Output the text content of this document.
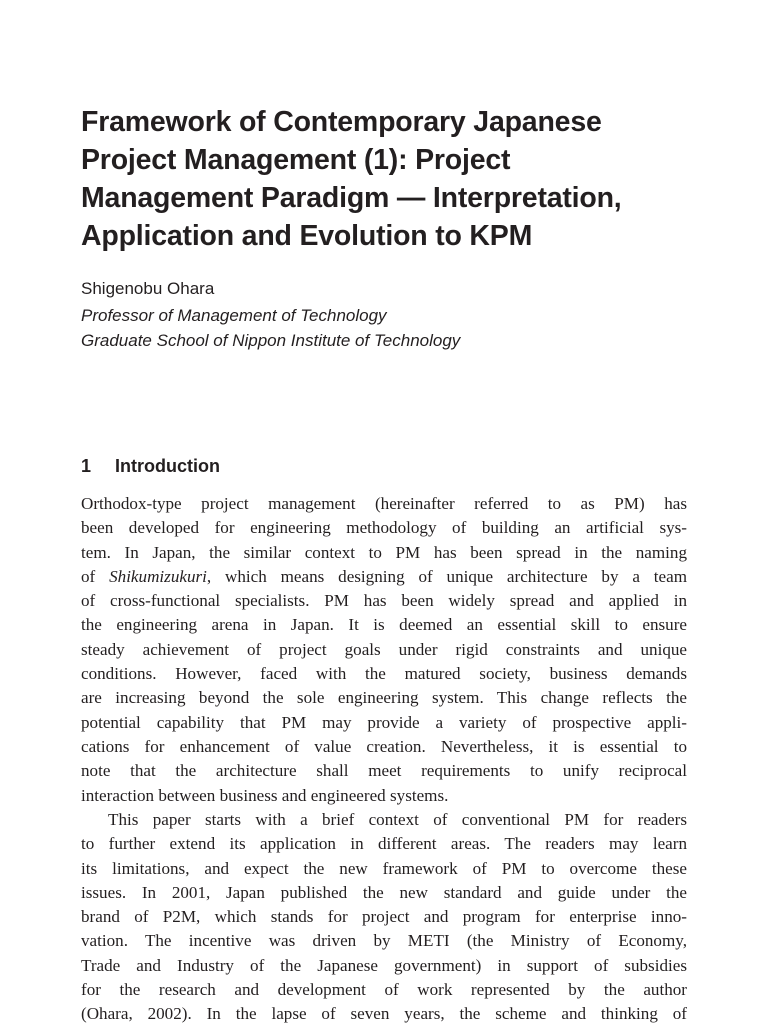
Framework of Contemporary Japanese
Project Management (1): Project
Management Paradigm — Interpretation,
Application and Evolution to KPM

Shigenobu Ohara

Professor of Management of Technology

Graduate School of Nippon Institute of Technology

1 Introduction
Orthodox-type project management (hereinafter referred to as PM) has
been developed for engineering methodology of building an artificial sys-
tem. In Japan, the similar context to PM has been spread in the naming
of Shikumizukuri, which means designing of unique architecture by a team
of cross-functional specialists. PM has been widely spread and applied in
the engineering arena in Japan. It is deemed an essential skill to ensure
steady achievement of project goals under rigid constraints and unique
conditions. However, faced with the matured society, business demands
are increasing beyond the sole engineering system. This change reflects the
potential capability that PM may provide a variety of prospective appli-
cations for enhancement of value creation. Nevertheless, it is essential to
note that the architecture shall meet requirements to unify reciprocal
interaction between business and engineered systems.
This paper starts with a brief context of conventional PM for readers
to further extend its application in different areas. The readers may learn
its limitations, and expect the new framework of PM to overcome these
issues. In 2001, Japan published the new standard and guide under the
brand of P2M, which stands for project and program for enterprise inno-
vation. The incentive was driven by METI (the Ministry of Economy,
Trade and Industry of the Japanese government) in support of subsidies
for the research and development of work represented by the author
(Ohara, 2002). In the lapse of seven years, the scheme and thinking of
